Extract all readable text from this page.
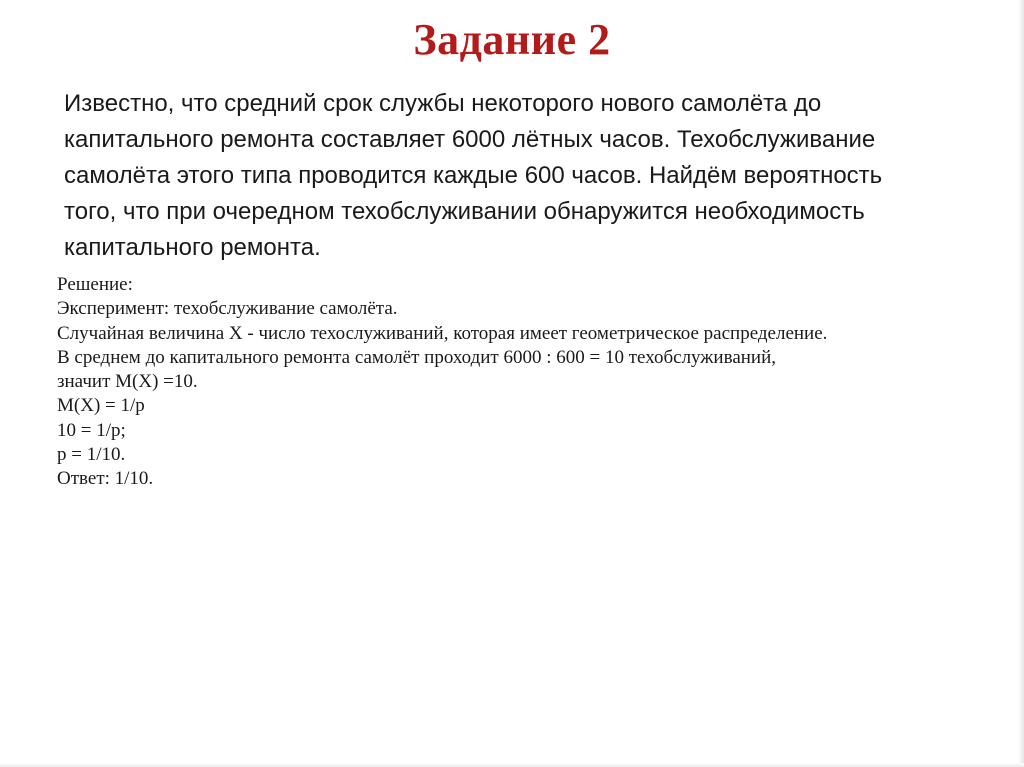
Задание 2
Известно, что средний срок службы некоторого нового самолёта до
капитального ремонта составляет 6000 лётных часов. Техобслуживание
самолёта этого типа проводится каждые 600 часов. Найдём вероятность
того, что при очередном техобслуживании обнаружится необходимость
капитального ремонта.
Решение:
Эксперимент: техобслуживание самолёта.
Случайная величина Х - число техослуживаний, которая имеет геометрическое распределение.
В среднем до капитального ремонта самолёт проходит 6000 : 600 = 10 техобслуживаний,
значит М(Х) =10.
М(Х) = 1/р
10 = 1/р;
р = 1/10.
Ответ: 1/10.
